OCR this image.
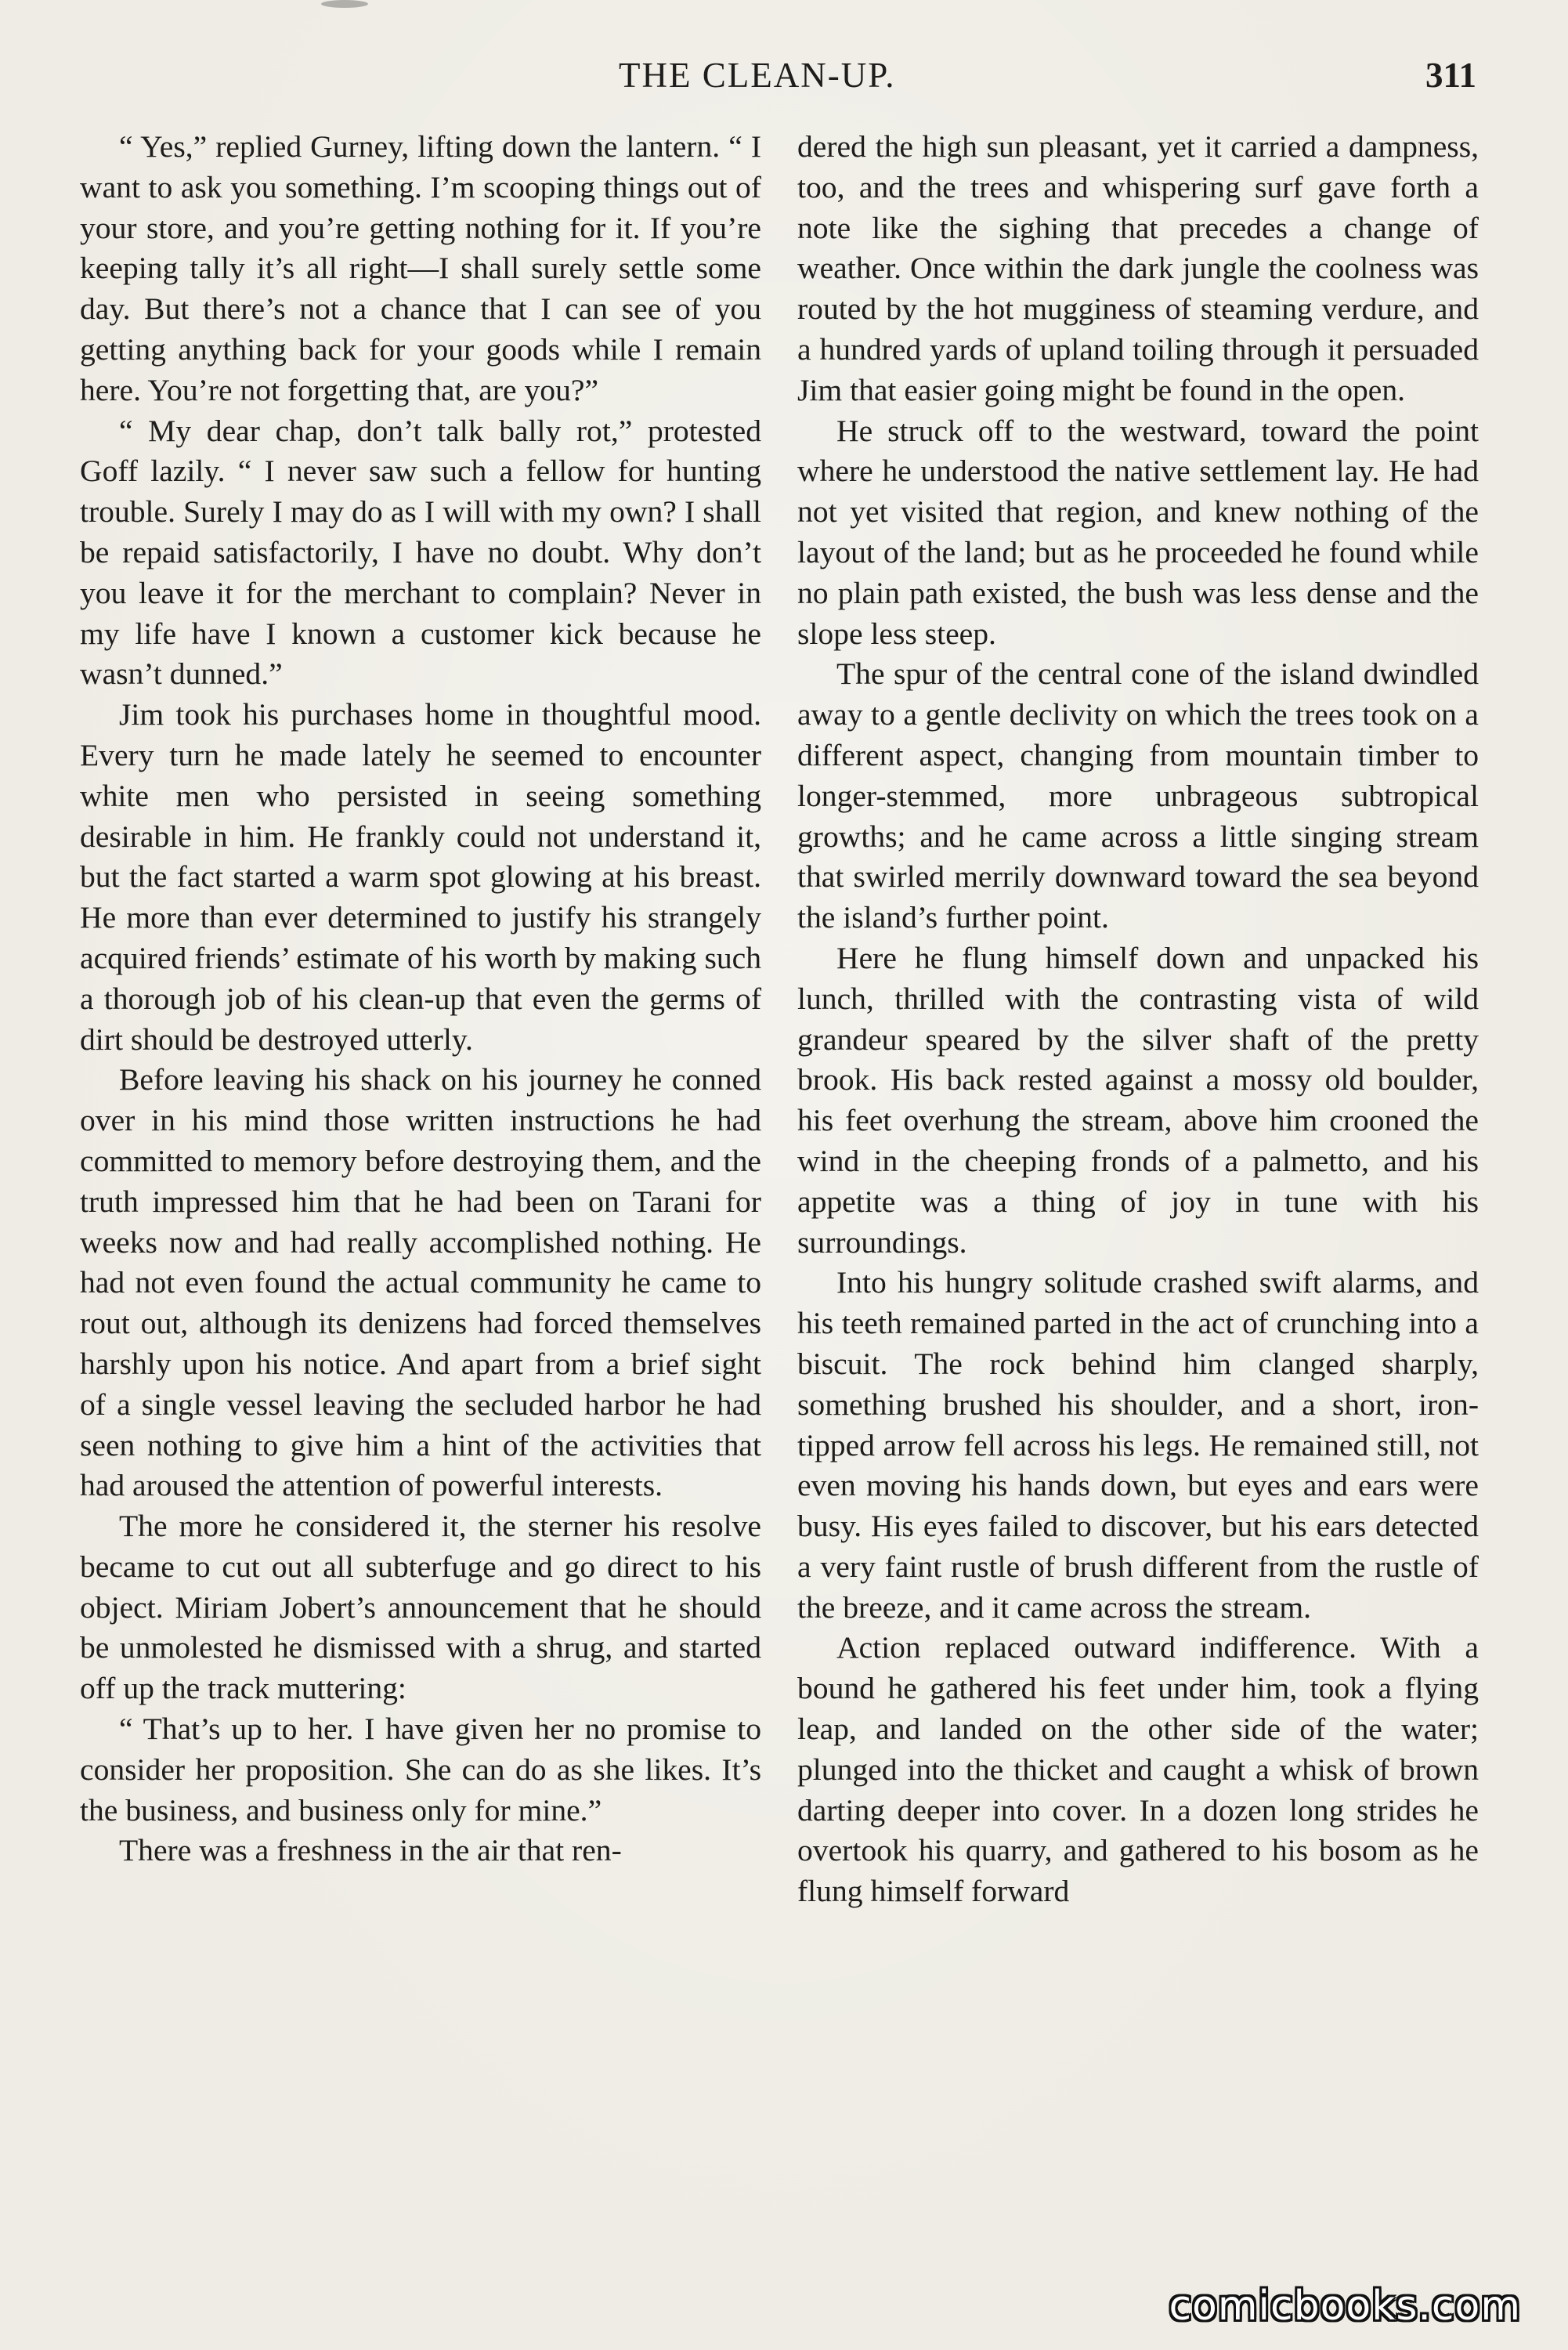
THE CLEAN-UP.	311

“ Yes,” replied Gurney, lifting down the lantern. “ I want to ask you something. I’m scooping things out of your store, and you’re getting nothing for it. If you’re keeping tally it’s all right—I shall surely settle some day. But there’s not a chance that I can see of you getting anything back for your goods while I remain here. You’re not forgetting that, are you?”

“ My dear chap, don’t talk bally rot,” protested Goff lazily. “ I never saw such a fellow for hunting trouble. Surely I may do as I will with my own? I shall be repaid satisfactorily, I have no doubt. Why don’t you leave it for the merchant to complain? Never in my life have I known a customer kick because he wasn’t dunned.”

Jim took his purchases home in thoughtful mood. Every turn he made lately he seemed to encounter white men who persisted in seeing something desirable in him. He frankly could not understand it, but the fact started a warm spot glowing at his breast. He more than ever determined to justify his strangely acquired friends’ estimate of his worth by making such a thorough job of his clean-up that even the germs of dirt should be destroyed utterly.

Before leaving his shack on his journey he conned over in his mind those written instructions he had committed to memory before destroying them, and the truth impressed him that he had been on Tarani for weeks now and had really accomplished nothing. He had not even found the actual community he came to rout out, although its denizens had forced themselves harshly upon his notice. And apart from a brief sight of a single vessel leaving the secluded harbor he had seen nothing to give him a hint of the activities that had aroused the attention of powerful interests.

The more he considered it, the sterner his resolve became to cut out all subterfuge and go direct to his object. Miriam Jobert’s announcement that he should be unmolested he dismissed with a shrug, and started off up the track muttering:

“ That’s up to her. I have given her no promise to consider her proposition. She can do as she likes. It’s the business, and business only for mine.”

There was a freshness in the air that ren-

dered the high sun pleasant, yet it carried a dampness, too, and the trees and whispering surf gave forth a note like the sighing that precedes a change of weather. Once within the dark jungle the coolness was routed by the hot mugginess of steaming verdure, and a hundred yards of upland toiling through it persuaded Jim that easier going might be found in the open.

He struck off to the westward, toward the point where he understood the native settlement lay. He had not yet visited that region, and knew nothing of the layout of the land; but as he proceeded he found while no plain path existed, the bush was less dense and the slope less steep.

The spur of the central cone of the island dwindled away to a gentle declivity on which the trees took on a different aspect, changing from mountain timber to longer-stemmed, more unbrageous subtropical growths; and he came across a little singing stream that swirled merrily downward toward the sea beyond the island’s further point.

Here he flung himself down and unpacked his lunch, thrilled with the contrasting vista of wild grandeur speared by the silver shaft of the pretty brook. His back rested against a mossy old boulder, his feet overhung the stream, above him crooned the wind in the cheeping fronds of a palmetto, and his appetite was a thing of joy in tune with his surroundings.

Into his hungry solitude crashed swift alarms, and his teeth remained parted in the act of crunching into a biscuit. The rock behind him clanged sharply, something brushed his shoulder, and a short, iron-tipped arrow fell across his legs. He remained still, not even moving his hands down, but eyes and ears were busy. His eyes failed to discover, but his ears detected a very faint rustle of brush different from the rustle of the breeze, and it came across the stream.

Action replaced outward indifference. With a bound he gathered his feet under him, took a flying leap, and landed on the other side of the water; plunged into the thicket and caught a whisk of brown darting deeper into cover. In a dozen long strides he overtook his quarry, and gathered to his bosom as he flung himself forward

comicbooks.com
